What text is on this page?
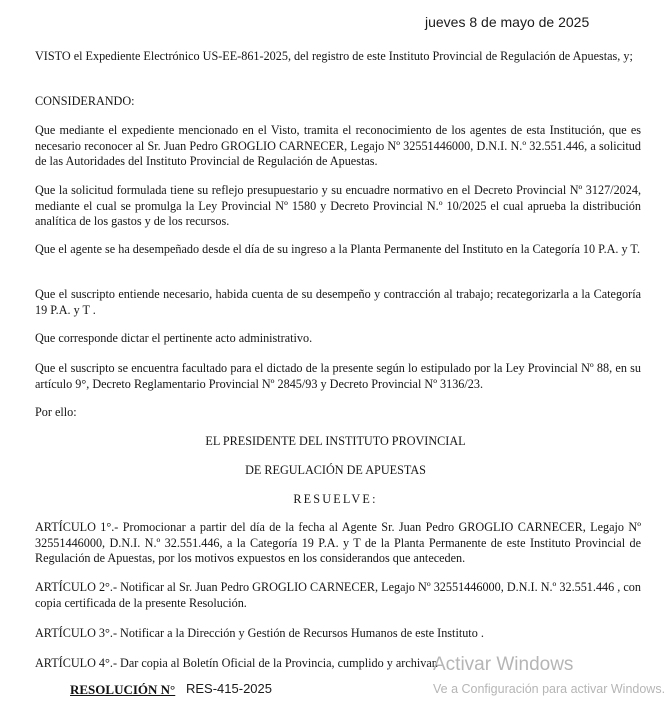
jueves 8 de mayo de 2025

VISTO el Expediente Electrónico US-EE-861-2025, del registro de este Instituto Provincial de Regulación de Apuestas, y;

CONSIDERANDO:

Que mediante el expediente mencionado en el Visto, tramita el reconocimiento de los agentes de esta Institución, que es necesario reconocer al Sr. Juan Pedro GROGLIO CARNECER, Legajo Nº 32551446000, D.N.I. N.º 32.551.446, a solicitud de las Autoridades del Instituto Provincial de Regulación de Apuestas.

Que la solicitud formulada tiene su reflejo presupuestario y su encuadre normativo en el Decreto Provincial Nº 3127/2024, mediante el cual se promulga la Ley Provincial Nº 1580 y Decreto Provincial N.º 10/2025 el cual aprueba la distribución analítica de los gastos y de los recursos.

Que el agente se ha desempeñado desde el día de su ingreso a la Planta Permanente del Instituto en la Categoría 10 P.A. y T.

Que el suscripto entiende necesario, habida cuenta de su desempeño y contracción al trabajo; recategorizarla a la Categoría 19 P.A. y T .

Que corresponde dictar el pertinente acto administrativo.

Que el suscripto se encuentra facultado para el dictado de la presente según lo estipulado por la Ley Provincial Nº 88, en su artículo 9°, Decreto Reglamentario Provincial Nº 2845/93 y Decreto Provincial Nº 3136/23.

Por ello:

EL PRESIDENTE DEL INSTITUTO PROVINCIAL

DE REGULACIÓN DE APUESTAS

RESUELVE:

ARTÍCULO 1°.- Promocionar a partir del día de la fecha al Agente Sr. Juan Pedro GROGLIO CARNECER, Legajo Nº 32551446000, D.N.I. N.º 32.551.446, a la Categoría 19 P.A. y T de la Planta Permanente de este Instituto Provincial de Regulación de Apuestas, por los motivos expuestos en los considerandos que anteceden.

ARTÍCULO 2°.- Notificar al Sr. Juan Pedro GROGLIO CARNECER, Legajo Nº 32551446000, D.N.I. N.º 32.551.446 , con copia certificada de la presente Resolución.

ARTÍCULO 3°.- Notificar a la Dirección y Gestión de Recursos Humanos de este Instituto .

ARTÍCULO 4°.- Dar copia al Boletín Oficial de la Provincia, cumplido y archivar.

RESOLUCIÓN N° RES-415-2025
Activar Windows
Ve a Configuración para activar Windows.
